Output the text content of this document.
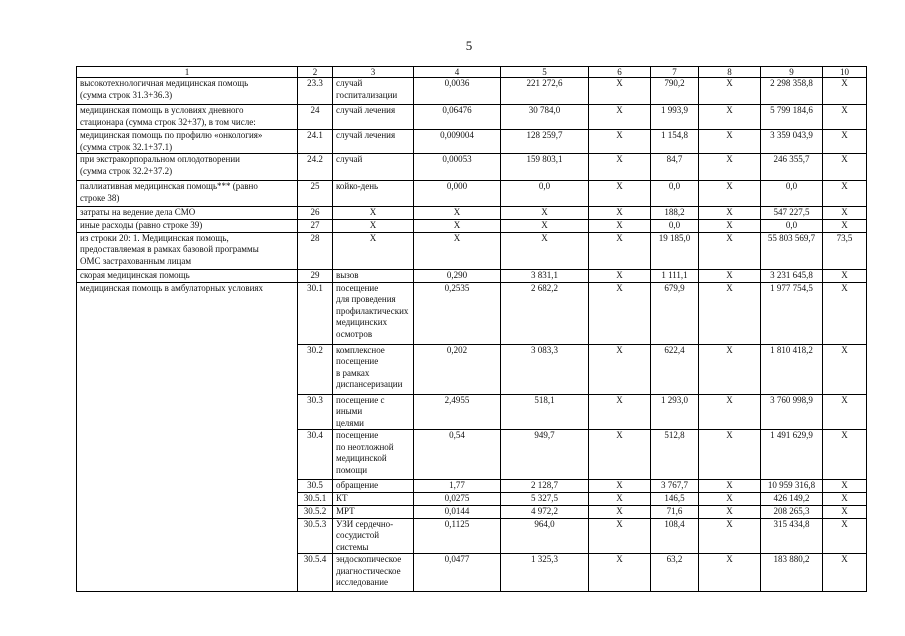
5
1	2	3	4	5	6	7	8	9	10
высокотехнологичная медицинская помощь
(сумма строк 31.3+36.3)	23.3	случай
госпитализации	0,0036	221 272,6	X	790,2	X	2 298 358,8	X
медицинская помощь в условиях дневного
стационара (сумма строк 32+37), в том числе:	24	случай лечения	0,06476	30 784,0	X	1 993,9	X	5 799 184,6	X
медицинская помощь по профилю «онкология»
(сумма строк 32.1+37.1)	24.1	случай лечения	0,009004	128 259,7	X	1 154,8	X	3 359 043,9	X
при экстракорпоральном оплодотворении
(сумма строк 32.2+37.2)	24.2	случай	0,00053	159 803,1	X	84,7	X	246 355,7	X
паллиативная медицинская помощь*** (равно
строке 38)	25	койко-день	0,000	0,0	X	0,0	X	0,0	X
затраты на ведение дела СМО	26	X	X	X	X	188,2	X	547 227,5	X
иные расходы (равно строке 39)	27	X	X	X	X	0,0	X	0,0	X
из строки 20: 1. Медицинская помощь,
предоставляемая в рамках базовой программы
ОМС застрахованным лицам	28	X	X	X	X	19 185,0	X	55 803 569,7	73,5
скорая медицинская помощь	29	вызов	0,290	3 831,1	X	1 111,1	X	3 231 645,8	X
медицинская помощь в амбулаторных условиях	30.1	посещение
для проведения
профилактических
медицинских
осмотров	0,2535	2 682,2	X	679,9	X	1 977 754,5	X
	30.2	комплексное
посещение
в рамках
диспансеризации	0,202	3 083,3	X	622,4	X	1 810 418,2	X
	30.3	посещение с иными
целями	2,4955	518,1	X	1 293,0	X	3 760 998,9	X
	30.4	посещение
по неотложной
медицинской
помощи	0,54	949,7	X	512,8	X	1 491 629,9	X
	30.5	обращение	1,77	2 128,7	X	3 767,7	X	10 959 316,8	X
	30.5.1	КТ	0,0275	5 327,5	X	146,5	X	426 149,2	X
	30.5.2	МРТ	0,0144	4 972,2	X	71,6	X	208 265,3	X
	30.5.3	УЗИ сердечно-
сосудистой системы	0,1125	964,0	X	108,4	X	315 434,8	X
	30.5.4	эндоскопическое
диагностическое
исследование	0,0477	1 325,3	X	63,2	X	183 880,2	X
